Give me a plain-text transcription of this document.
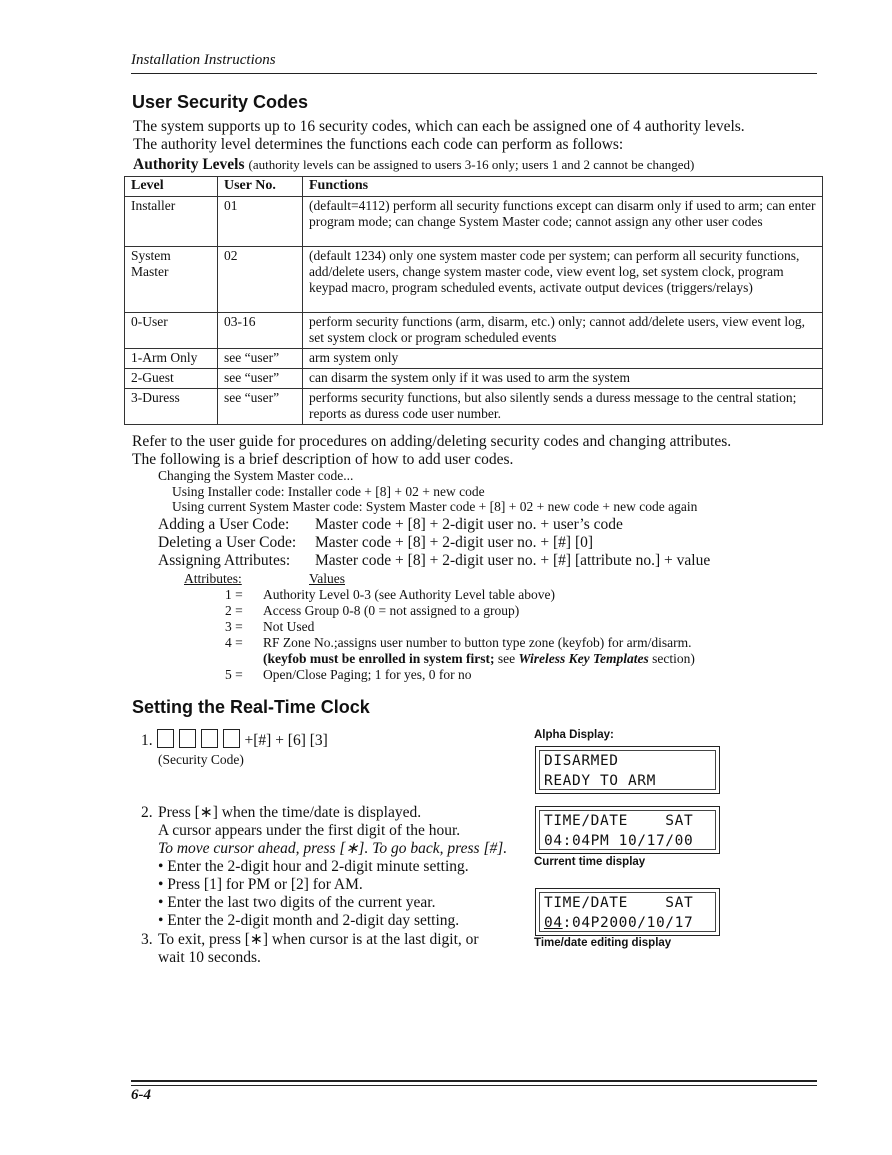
Installation Instructions
User Security Codes
The system supports up to 16 security codes, which can each be assigned one of 4 authority levels.
The authority level determines the functions each code can perform as follows:
Authority Levels (authority levels can be assigned to users 3-16 only; users 1 and 2 cannot be changed)
Level	User No.	Functions
Installer	01	(default=4112) perform all security functions except can disarm only if used to arm; can enter program mode; can change System Master code; cannot assign any other user codes
System Master	02	(default 1234) only one system master code per system; can perform all security functions, add/delete users, change system master code, view event log, set system clock, program keypad macro, program scheduled events, activate output devices (triggers/relays)
0-User	03-16	perform security functions (arm, disarm, etc.) only; cannot add/delete users, view event log, set system clock or program scheduled events
1-Arm Only	see “user”	arm system only
2-Guest	see “user”	can disarm the system only if it was used to arm the system
3-Duress	see “user”	performs security functions, but also silently sends a duress message to the central station; reports as duress code user number.
Refer to the user guide for procedures on adding/deleting security codes and changing attributes.
The following is a brief description of how to add user codes.
Changing the System Master code...
Using Installer code: Installer code + [8] + 02 + new code
Using current System Master code: System Master code + [8] + 02 + new code + new code again
Adding a User Code: Master code + [8] + 2-digit user no. + user’s code
Deleting a User Code: Master code + [8] + 2-digit user no. + [#] [0]
Assigning Attributes: Master code + [8] + 2-digit user no. + [#] [attribute no.] + value
Attributes:	Values
1 = Authority Level 0-3 (see Authority Level table above)
2 = Access Group 0-8 (0 = not assigned to a group)
3 = Not Used
4 = RF Zone No.;assigns user number to button type zone (keyfob) for arm/disarm.
(keyfob must be enrolled in system first; see Wireless Key Templates section)
5 = Open/Close Paging; 1 for yes, 0 for no
Setting the Real-Time Clock
1.	+[#] + [6] [3]
(Security Code)
2. Press [∗] when the time/date is displayed.
A cursor appears under the first digit of the hour.
To move cursor ahead, press [∗]. To go back, press [#].
• Enter the 2-digit hour and 2-digit minute setting.
• Press [1] for PM or [2] for AM.
• Enter the last two digits of the current year.
• Enter the 2-digit month and 2-digit day setting.
3. To exit, press [∗] when cursor is at the last digit, or
wait 10 seconds.
Alpha Display:
DISARMED
READY TO ARM
TIME/DATE    SAT
04:04PM 10/17/00
Current time display
TIME/DATE    SAT
04:04P2000/10/17
Time/date editing display
6-4
